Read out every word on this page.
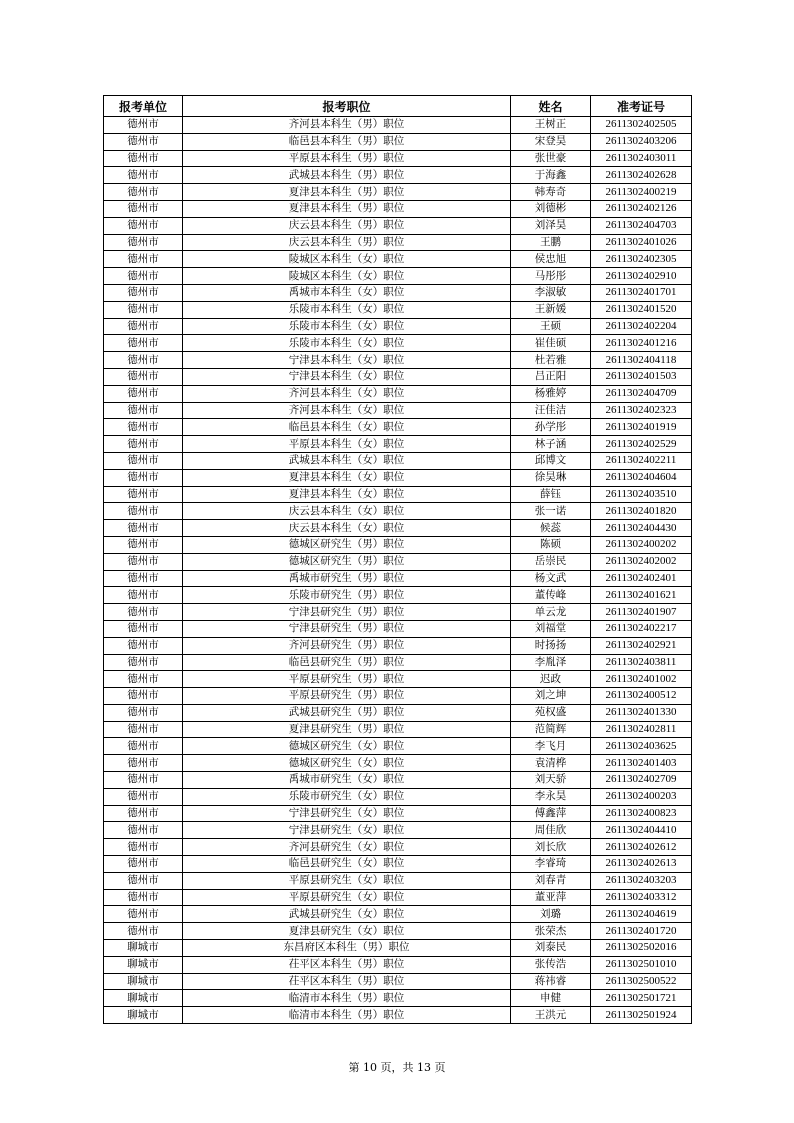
报考单位	报考职位	姓名	准考证号
德州市	齐河县本科生（男）职位	王树正	2611302402505
德州市	临邑县本科生（男）职位	宋登昊	2611302403206
德州市	平原县本科生（男）职位	张世豪	2611302403011
德州市	武城县本科生（男）职位	于海鑫	2611302402628
德州市	夏津县本科生（男）职位	韩寿奇	2611302400219
德州市	夏津县本科生（男）职位	刘德彬	2611302402126
德州市	庆云县本科生（男）职位	刘泽昊	2611302404703
德州市	庆云县本科生（男）职位	王鹏	2611302401026
德州市	陵城区本科生（女）职位	侯忠旭	2611302402305
德州市	陵城区本科生（女）职位	马彤彤	2611302402910
德州市	禹城市本科生（女）职位	李淑敏	2611302401701
德州市	乐陵市本科生（女）职位	王新媛	2611302401520
德州市	乐陵市本科生（女）职位	王硕	2611302402204
德州市	乐陵市本科生（女）职位	崔佳硕	2611302401216
德州市	宁津县本科生（女）职位	杜若雅	2611302404118
德州市	宁津县本科生（女）职位	吕正阳	2611302401503
德州市	齐河县本科生（女）职位	杨雅婷	2611302404709
德州市	齐河县本科生（女）职位	汪佳洁	2611302402323
德州市	临邑县本科生（女）职位	孙学彤	2611302401919
德州市	平原县本科生（女）职位	林子涵	2611302402529
德州市	武城县本科生（女）职位	邱博文	2611302402211
德州市	夏津县本科生（女）职位	徐昊琳	2611302404604
德州市	夏津县本科生（女）职位	薛钰	2611302403510
德州市	庆云县本科生（女）职位	张一诺	2611302401820
德州市	庆云县本科生（女）职位	候蕊	2611302404430
德州市	德城区研究生（男）职位	陈硕	2611302400202
德州市	德城区研究生（男）职位	岳崇民	2611302402002
德州市	禹城市研究生（男）职位	杨文武	2611302402401
德州市	乐陵市研究生（男）职位	董传峰	2611302401621
德州市	宁津县研究生（男）职位	单云龙	2611302401907
德州市	宁津县研究生（男）职位	刘福堂	2611302402217
德州市	齐河县研究生（男）职位	时扬扬	2611302402921
德州市	临邑县研究生（男）职位	李胤泽	2611302403811
德州市	平原县研究生（男）职位	迟政	2611302401002
德州市	平原县研究生（男）职位	刘之坤	2611302400512
德州市	武城县研究生（男）职位	苑权盛	2611302401330
德州市	夏津县研究生（男）职位	范简辉	2611302402811
德州市	德城区研究生（女）职位	李飞月	2611302403625
德州市	德城区研究生（女）职位	袁清桦	2611302401403
德州市	禹城市研究生（女）职位	刘天骄	2611302402709
德州市	乐陵市研究生（女）职位	李永昊	2611302400203
德州市	宁津县研究生（女）职位	傅鑫萍	2611302400823
德州市	宁津县研究生（女）职位	周佳欣	2611302404410
德州市	齐河县研究生（女）职位	刘长欣	2611302402612
德州市	临邑县研究生（女）职位	李睿琦	2611302402613
德州市	平原县研究生（女）职位	刘春青	2611302403203
德州市	平原县研究生（女）职位	董亚萍	2611302403312
德州市	武城县研究生（女）职位	刘璐	2611302404619
德州市	夏津县研究生（女）职位	张荣杰	2611302401720
聊城市	东昌府区本科生（男）职位	刘泰民	2611302502016
聊城市	茌平区本科生（男）职位	张传浩	2611302501010
聊城市	茌平区本科生（男）职位	蒋祎睿	2611302500522
聊城市	临清市本科生（男）职位	申健	2611302501721
聊城市	临清市本科生（男）职位	王洪元	2611302501924
第 10 页，共 13 页
